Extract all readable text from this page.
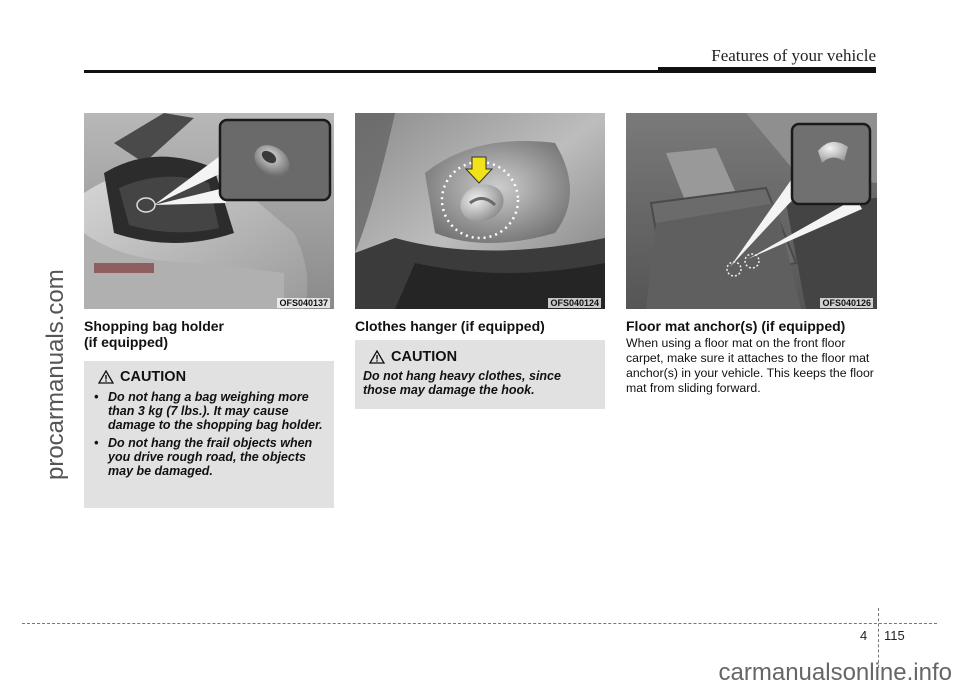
Features of your vehicle
procarmanuals.com	OFS040137	OFS040124	OFS040126
Shopping bag holder
(if equipped)
CAUTION
• Do not hang a bag weighing more than 3 kg (7 lbs.). It may cause damage to the shopping bag holder.
• Do not hang the frail objects when you drive rough road, the objects may be damaged.
Clothes hanger (if equipped)
CAUTION
Do not hang heavy clothes, since those may damage the hook.
Floor mat anchor(s) (if equipped)
When using a floor mat on the front floor carpet, make sure it attaches to the floor mat anchor(s) in your vehicle. This keeps the floor mat from sliding forward.
4 115
carmanualsonline.info
